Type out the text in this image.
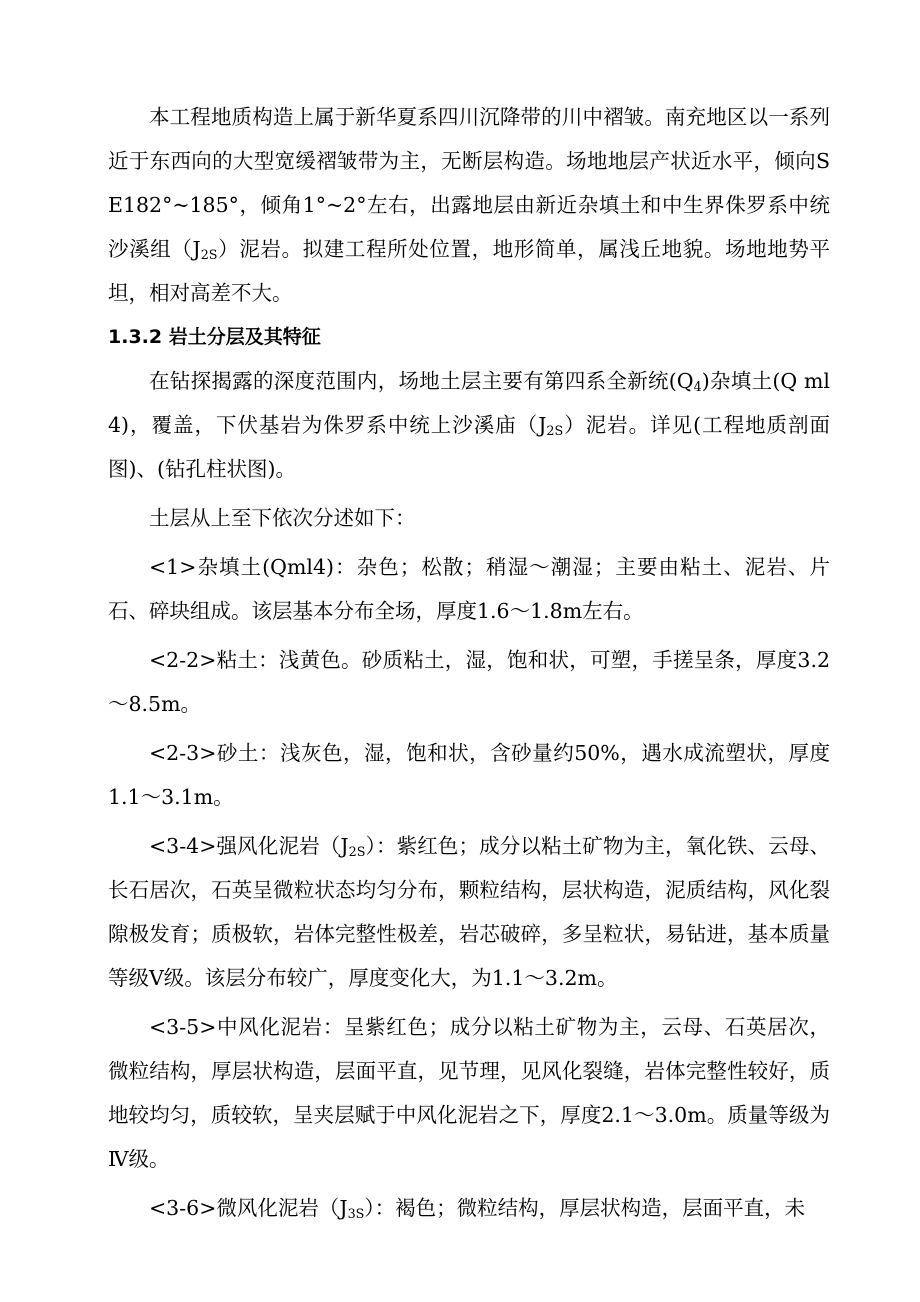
本工程地质构造上属于新华夏系四川沉降带的川中褶皱。南充地区以一系列近于东西向的大型宽缓褶皱带为主，无断层构造。场地地层产状近水平，倾向SE182°~185°，倾角1°~2°左右，出露地层由新近杂填土和中生界侏罗系中统沙溪组$(J_{2S})$泥岩。拟建工程所处位置，地形简单，属浅丘地貌。场地地势平坦，相对高差不大。

1.3.2 岩土分层及其特征

在钻探揭露的深度范围内，场地土层主要有第四系全新统$(Q_4)$杂填土(Q ml4)，覆盖，下伏基岩为侏罗系中统上沙溪庙$(J_{2S})$泥岩。详见(工程地质剖面图)、(钻孔柱状图)。

土层从上至下依次分述如下：

<1>杂填土(Qml4)：杂色；松散；稍湿～潮湿；主要由粘土、泥岩、片石、碎块组成。该层基本分布全场，厚度1.6～1.8m左右。

<2-2>粘土：浅黄色。砂质粘土，湿，饱和状，可塑，手搓呈条，厚度3.2～8.5m。

<2-3>砂土：浅灰色，湿，饱和状，含砂量约50%，遇水成流塑状，厚度1.1～3.1m。

<3-4>强风化泥岩$(J_{2S})$：紫红色；成分以粘土矿物为主，氧化铁、云母、长石居次，石英呈微粒状态均匀分布，颗粒结构，层状构造，泥质结构，风化裂隙极发育；质极软，岩体完整性极差，岩芯破碎，多呈粒状，易钻进，基本质量等级Ⅴ级。该层分布较广，厚度变化大，为1.1～3.2m。

<3-5>中风化泥岩：呈紫红色；成分以粘土矿物为主，云母、石英居次，微粒结构，厚层状构造，层面平直，见节理，见风化裂缝，岩体完整性较好，质地较均匀，质较软，呈夹层赋于中风化泥岩之下，厚度2.1～3.0m。质量等级为Ⅳ级。

<3-6>微风化泥岩$(J_{3S})$：褐色；微粒结构，厚层状构造，层面平直，未
